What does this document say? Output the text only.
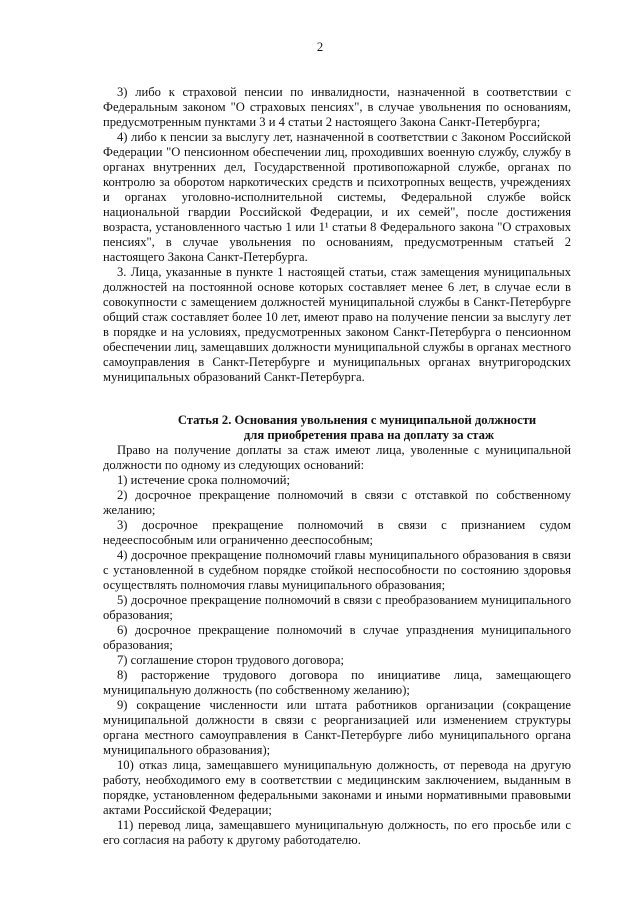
2

3) либо к страховой пенсии по инвалидности, назначенной в соответствии с Федеральным законом "О страховых пенсиях", в случае увольнения по основаниям, предусмотренным пунктами 3 и 4 статьи 2 настоящего Закона Санкт-Петербурга;

4) либо к пенсии за выслугу лет, назначенной в соответствии с Законом Российской Федерации "О пенсионном обеспечении лиц, проходивших военную службу, службу в органах внутренних дел, Государственной противопожарной службе, органах по контролю за оборотом наркотических средств и психотропных веществ, учреждениях и органах уголовно-исполнительной системы, Федеральной службе войск национальной гвардии Российской Федерации, и их семей", после достижения возраста, установленного частью 1 или 1¹ статьи 8 Федерального закона "О страховых пенсиях", в случае увольнения по основаниям, предусмотренным статьей 2 настоящего Закона Санкт-Петербурга.

3. Лица, указанные в пункте 1 настоящей статьи, стаж замещения муниципальных должностей на постоянной основе которых составляет менее 6 лет, в случае если в совокупности с замещением должностей муниципальной службы в Санкт-Петербурге общий стаж составляет более 10 лет, имеют право на получение пенсии за выслугу лет в порядке и на условиях, предусмотренных законом Санкт-Петербурга о пенсионном обеспечении лиц, замещавших должности муниципальной службы в органах местного самоуправления в Санкт-Петербурге и муниципальных органах внутригородских муниципальных образований Санкт-Петербурга.

Статья 2. Основания увольнения с муниципальной должности

для приобретения права на доплату за стаж

Право на получение доплаты за стаж имеют лица, уволенные с муниципальной должности по одному из следующих оснований:

1) истечение срока полномочий;

2) досрочное прекращение полномочий в связи с отставкой по собственному желанию;

3) досрочное прекращение полномочий в связи с признанием судом недееспособным или ограниченно дееспособным;

4) досрочное прекращение полномочий главы муниципального образования в связи с установленной в судебном порядке стойкой неспособности по состоянию здоровья осуществлять полномочия главы муниципального образования;

5) досрочное прекращение полномочий в связи с преобразованием муниципального образования;

6) досрочное прекращение полномочий в случае упразднения муниципального образования;

7) соглашение сторон трудового договора;

8) расторжение трудового договора по инициативе лица, замещающего муниципальную должность (по собственному желанию);

9) сокращение численности или штата работников организации (сокращение муниципальной должности в связи с реорганизацией или изменением структуры органа местного самоуправления в Санкт-Петербурге либо муниципального органа муниципального образования);

10) отказ лица, замещавшего муниципальную должность, от перевода на другую работу, необходимого ему в соответствии с медицинским заключением, выданным в порядке, установленном федеральными законами и иными нормативными правовыми актами Российской Федерации;

11) перевод лица, замещавшего муниципальную должность, по его просьбе или с его согласия на работу к другому работодателю.
